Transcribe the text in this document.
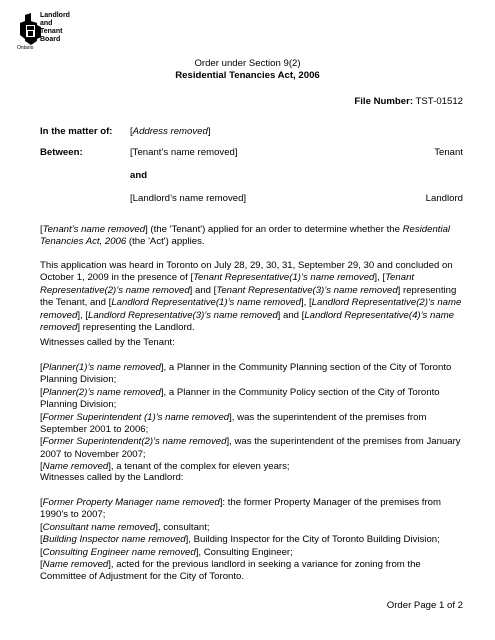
Landlord
and
Tenant
Board
Ontario
Order under Section 9(2)
Residential Tenancies Act, 2006
File Number: TST-01512
In the matter of: [Address removed]
Between:	[Tenant’s name removed]	Tenant
and
[Landlord’s name removed]	Landlord

[Tenant’s name removed] (the 'Tenant') applied for an order to determine whether the Residential Tenancies Act, 2006 (the 'Act') applies.

This application was heard in Toronto on July 28, 29, 30, 31, September 29, 30 and concluded on October 1, 2009 in the presence of [Tenant Representative(1)’s name removed], [Tenant Representative(2)’s name removed] and [Tenant Representative(3)’s name removed] representing the Tenant, and [Landlord Representative(1)’s name removed], [Landlord Representative(2)’s name removed], [Landlord Representative(3)’s name removed] and [Landlord Representative(4)’s name removed] representing the Landlord.

Witnesses called by the Tenant:

[Planner(1)’s name removed], a Planner in the Community Planning section of the City of Toronto Planning Division;

[Planner(2)’s name removed], a Planner in the Community Policy section of the City of Toronto Planning Division;

[Former Superintendent (1)’s name removed], was the superintendent of the premises from September 2001 to 2006;

[Former Superintendent(2)’s name removed], was the superintendent of the premises from January 2007 to November 2007;

[Name removed], a tenant of the complex for eleven years;

Witnesses called by the Landlord:

[Former Property Manager name removed]: the former Property Manager of the premises from 1990’s to 2007;

[Consultant name removed], consultant;

[Building Inspector name removed], Building Inspector for the City of Toronto Building Division;

[Consulting Engineer name removed], Consulting Engineer;

[Name removed], acted for the previous landlord in seeking a variance for zoning from the Committee of Adjustment for the City of Toronto.

Order Page 1 of 2
